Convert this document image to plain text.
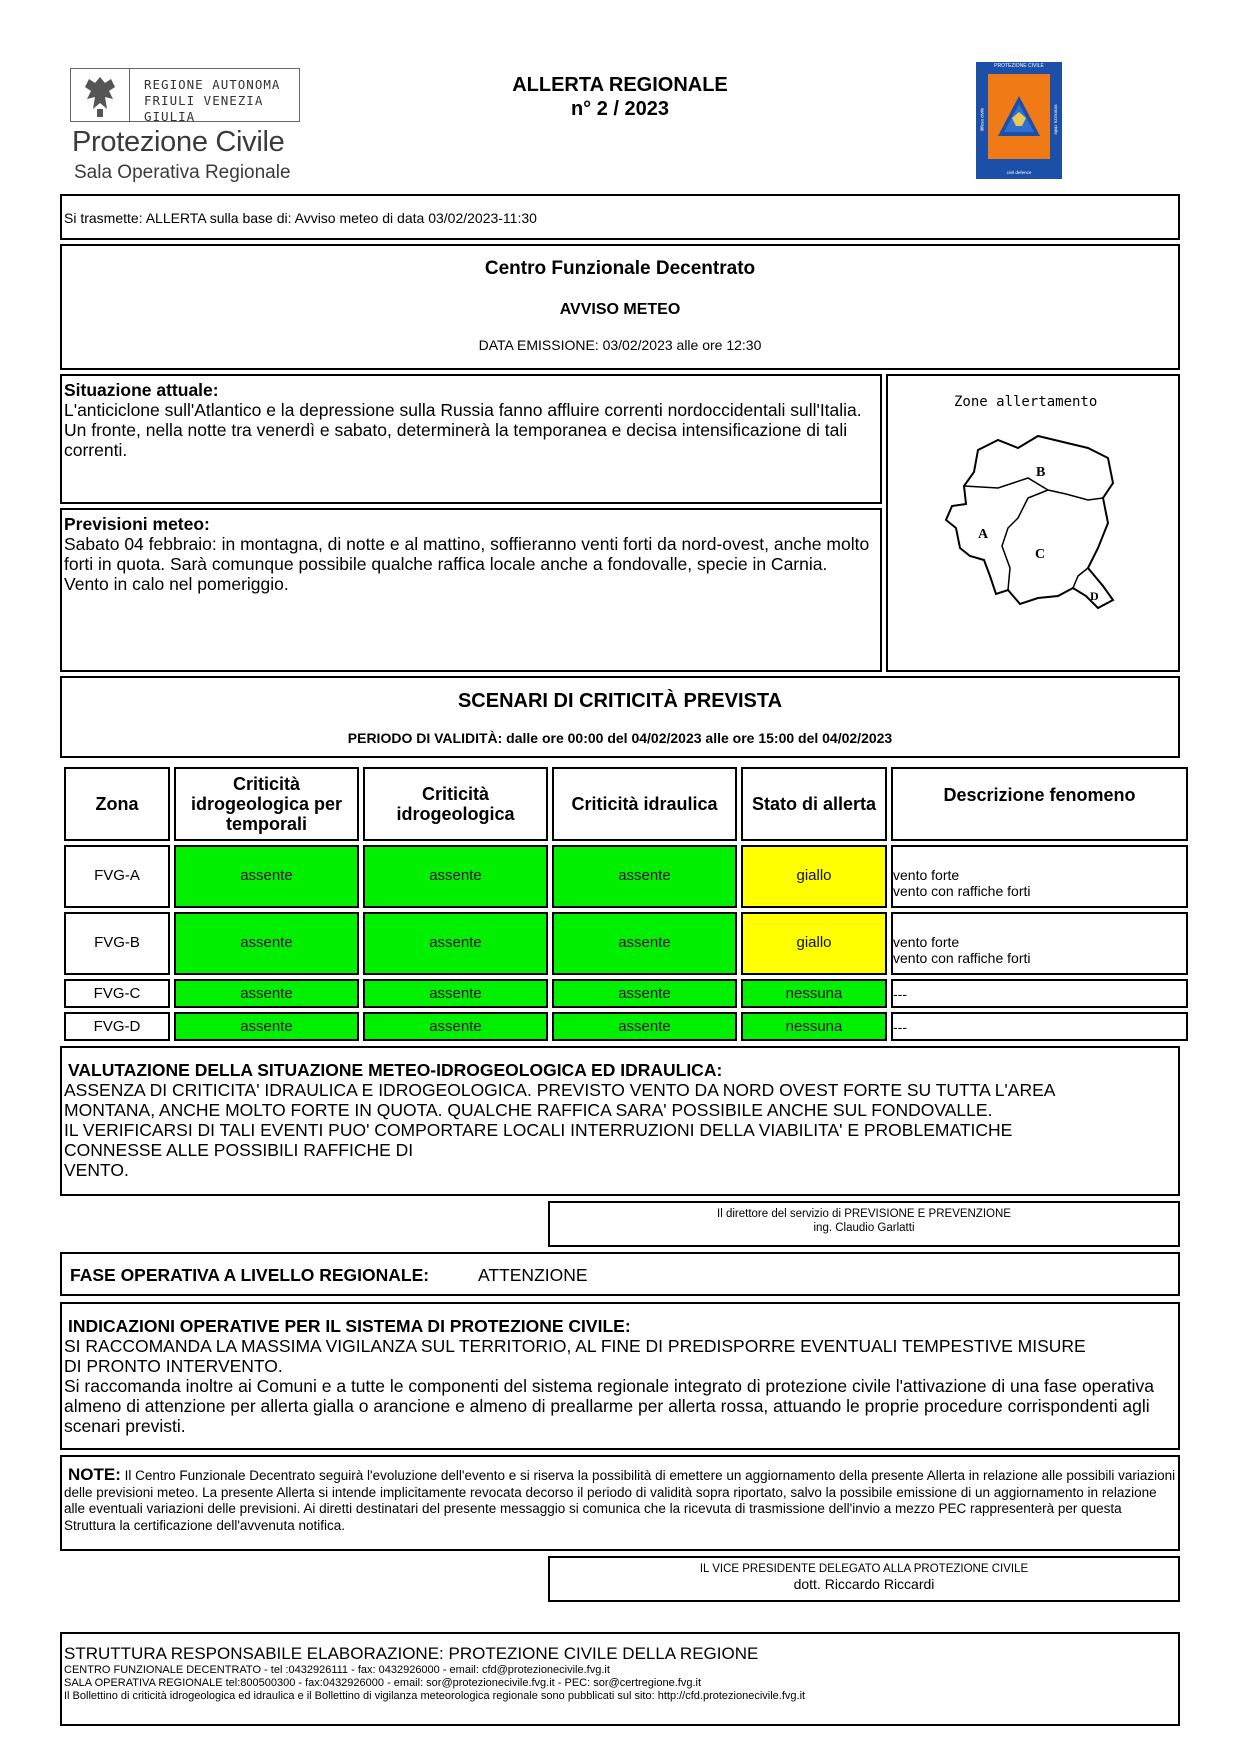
REGIONE AUTONOMA
FRIULI VENEZIA GIULIA
Protezione Civile
Sala Operativa Regionale
ALLERTA REGIONALE
n° 2 / 2023
PROTEZIONE CIVILE
civil defence
difesa civile	sicurezza civile
Si trasmette: ALLERTA sulla base di: Avviso meteo di data 03/02/2023-11:30
Centro Funzionale Decentrato
AVVISO METEO
DATA EMISSIONE: 03/02/2023 alle ore 12:30
Situazione attuale:
L'anticiclone sull'Atlantico e la depressione sulla Russia fanno affluire correnti nordoccidentali sull'Italia. Un fronte, nella notte tra venerdì e sabato, determinerà la temporanea e decisa intensificazione di tali correnti.
Previsioni meteo:
Sabato 04 febbraio: in montagna, di notte e al mattino, soffieranno venti forti da nord-ovest, anche molto forti in quota. Sarà comunque possibile qualche raffica locale anche a fondovalle, specie in Carnia.
Vento in calo nel pomeriggio.
Zone allertamento
A
B
C
D
SCENARI DI CRITICITÀ PREVISTA
PERIODO DI VALIDITÀ: dalle ore 00:00 del 04/02/2023 alle ore 15:00 del 04/02/2023
Zona	Criticità idrogeologica per temporali	Criticità idrogeologica	Criticità idraulica	Stato di allerta	Descrizione fenomeno
FVG-A	assente	assente	assente	giallo	vento forte
vento con raffiche forti

FVG-B	assente	assente	assente	giallo	vento forte
vento con raffiche forti

FVG-C	assente	assente	assente	nessuna	---
FVG-D	assente	assente	assente	nessuna	---
VALUTAZIONE DELLA SITUAZIONE METEO-IDROGEOLOGICA ED IDRAULICA:
ASSENZA DI CRITICITA' IDRAULICA E IDROGEOLOGICA. PREVISTO VENTO DA NORD OVEST FORTE SU TUTTA L'AREA
MONTANA, ANCHE MOLTO FORTE IN QUOTA. QUALCHE RAFFICA SARA' POSSIBILE ANCHE SUL FONDOVALLE.
IL VERIFICARSI DI TALI EVENTI PUO' COMPORTARE LOCALI INTERRUZIONI DELLA VIABILITA' E PROBLEMATICHE
CONNESSE ALLE POSSIBILI RAFFICHE DI
VENTO.
Il direttore del servizio di PREVISIONE E PREVENZIONE
ing. Claudio Garlatti
FASE OPERATIVA A LIVELLO REGIONALE:	ATTENZIONE
INDICAZIONI OPERATIVE PER IL SISTEMA DI PROTEZIONE CIVILE:
SI RACCOMANDA LA MASSIMA VIGILANZA SUL TERRITORIO, AL FINE DI PREDISPORRE EVENTUALI TEMPESTIVE MISURE
DI PRONTO INTERVENTO.
Si raccomanda inoltre ai Comuni e a tutte le componenti del sistema regionale integrato di protezione civile l'attivazione di una fase operativa almeno di attenzione per allerta gialla o arancione e almeno di preallarme per allerta rossa, attuando le proprie procedure corrispondenti agli scenari previsti.
NOTE: Il Centro Funzionale Decentrato seguirà l'evoluzione dell'evento e si riserva la possibilità di emettere un aggiornamento della presente Allerta in relazione alle possibili variazioni delle previsioni meteo. La presente Allerta si intende implicitamente revocata decorso il periodo di validità sopra riportato, salvo la possibile emissione di un aggiornamento in relazione alle eventuali variazioni delle previsioni. Ai diretti destinatari del presente messaggio si comunica che la ricevuta di trasmissione dell'invio a mezzo PEC rappresenterà per questa Struttura la certificazione dell'avvenuta notifica.
IL VICE PRESIDENTE DELEGATO ALLA PROTEZIONE CIVILE
dott. Riccardo Riccardi
STRUTTURA RESPONSABILE ELABORAZIONE: PROTEZIONE CIVILE DELLA REGIONE
CENTRO FUNZIONALE DECENTRATO - tel :0432926111 - fax: 0432926000 - email: cfd@protezionecivile.fvg.it
SALA OPERATIVA REGIONALE tel:800500300 - fax:0432926000 - email: sor@protezionecivile.fvg.it - PEC: sor@certregione.fvg.it
Il Bollettino di criticità idrogeologica ed idraulica e il Bollettino di vigilanza meteorologica regionale sono pubblicati sul sito: http://cfd.protezionecivile.fvg.it
